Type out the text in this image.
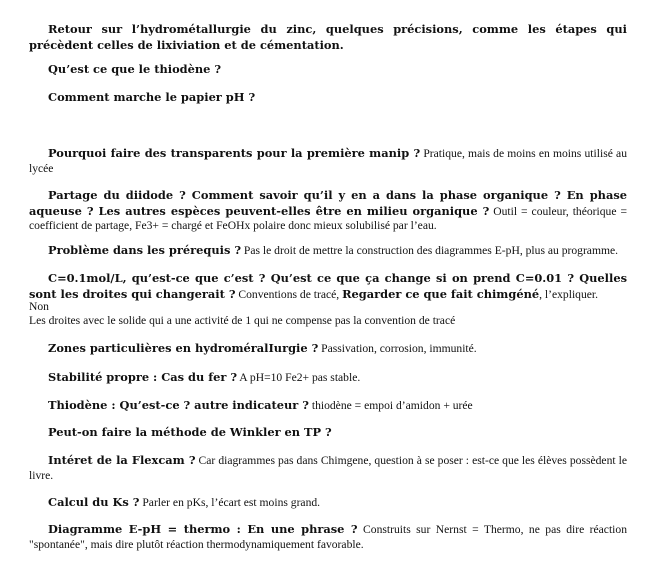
Retour sur l’hydrométallurgie du zinc, quelques précisions, comme les étapes qui précèdent celles de lixiviation et de cémentation.

Qu’est ce que le thiodène ?

Comment marche le papier pH ?

Pourquoi faire des transparents pour la première manip ? Pratique, mais de moins en moins utilisé au lycée

Partage du diidode ? Comment savoir qu’il y en a dans la phase organique ? En phase aqueuse ? Les autres espèces peuvent-elles être en milieu organique ? Outil = couleur, théorique = coefficient de partage, Fe3+ = chargé et FeOHx polaire donc mieux solubilisé par l’eau.

Problème dans les prérequis ? Pas le droit de mettre la construction des diagrammes E-pH, plus au programme.

C=0.1mol/L, qu’est-ce que c’est ? Qu’est ce que ça change si on prend C=0.01 ? Quelles sont les droites qui changerait ? Conventions de tracé, Regarder ce que fait chimgéné, l’expliquer.

Non

Les droites avec le solide qui a une activité de 1 qui ne compense pas la convention de tracé

Zones particulières en hydroméralIurgie ? Passivation, corrosion, immunité.

Stabilité propre : Cas du fer ? A pH=10 Fe2+ pas stable.

Thiodène : Qu’est-ce ? autre indicateur ? thiodène = empoi d’amidon + urée

Peut-on faire la méthode de Winkler en TP ?

Intéret de la Flexcam ? Car diagrammes pas dans Chimgene, question à se poser : est-ce que les élèves possèdent le livre.

Calcul du Ks ? Parler en pKs, l’écart est moins grand.

Diagramme E-pH = thermo : En une phrase ? Construits sur Nernst = Thermo, ne pas dire réaction "spontanée", mais dire plutôt réaction thermodynamiquement favorable.
